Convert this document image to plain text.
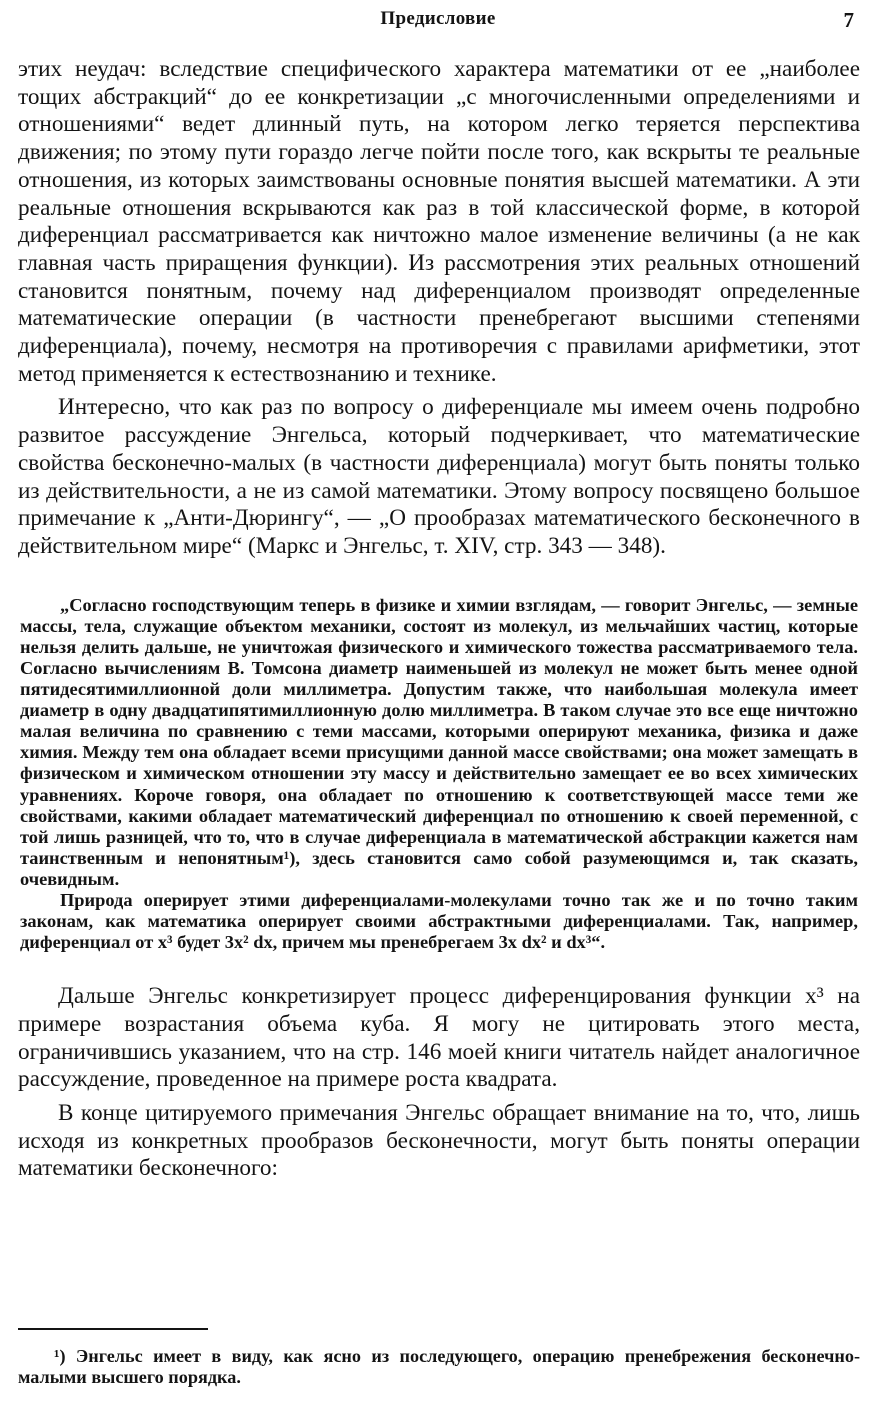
Предисловие	7

этих неудач: вследствие специфического характера математики от ее „наиболее тощих абстракций“ до ее конкретизации „с многочисленными определениями и отношениями“ ведет длинный путь, на котором легко теряется перспектива движения; по этому пути гораздо легче пойти после того, как вскрыты те реальные отношения, из которых заимствованы основные понятия высшей математики. А эти реальные отношения вскрываются как раз в той классической форме, в которой диференциал рассматривается как ничтожно малое изменение величины (а не как главная часть приращения функции). Из рассмотрения этих реальных отношений становится понятным, почему над диференциалом производят определенные математические операции (в частности пренебрегают высшими степенями диференциала), почему, несмотря на противоречия с правилами арифметики, этот метод применяется к естествознанию и технике.

Интересно, что как раз по вопросу о диференциале мы имеем очень подробно развитое рассуждение Энгельса, который подчеркивает, что математические свойства бесконечно-малых (в частности диференциала) могут быть поняты только из действительности, а не из самой математики. Этому вопросу посвящено большое примечание к „Анти-Дюрингу“, — „О прообразах математического бесконечного в действительном мире“ (Маркс и Энгельс, т. XIV, стр. 343 — 348).

„Согласно господствующим теперь в физике и химии взглядам, — говорит Энгельс, — земные массы, тела, служащие объектом механики, состоят из молекул, из мельчайших частиц, которые нельзя делить дальше, не уничтожая физического и химического тожества рассматриваемого тела. Согласно вычислениям В. Томсона диаметр наименьшей из молекул не может быть менее одной пятидесятимиллионной доли миллиметра. Допустим также, что наибольшая молекула имеет диаметр в одну двадцатипятимиллионную долю миллиметра. В таком случае это все еще ничтожно малая величина по сравнению с теми массами, которыми оперируют механика, физика и даже химия. Между тем она обладает всеми присущими данной массе свойствами; она может замещать в физическом и химическом отношении эту массу и действительно замещает ее во всех химических уравнениях. Короче говоря, она обладает по отношению к соответствующей массе теми же свойствами, какими обладает математический диференциал по отношению к своей переменной, с той лишь разницей, что то, что в случае диференциала в математической абстракции кажется нам таинственным и непонятным¹), здесь становится само собой разумеющимся и, так сказать, очевидным.

Природа оперирует этими диференциалами-молекулами точно так же и по точно таким законам, как математика оперирует своими абстрактными диференциалами. Так, например, диференциал от x³ будет 3x² dx, причем мы пренебрегаем 3x dx² и dx³“.

Дальше Энгельс конкретизирует процесс диференцирования функции x³ на примере возрастания объема куба. Я могу не цитировать этого места, ограничившись указанием, что на стр. 146 моей книги читатель найдет аналогичное рассуждение, проведенное на примере роста квадрата.

В конце цитируемого примечания Энгельс обращает внимание на то, что, лишь исходя из конкретных прообразов бесконечности, могут быть поняты операции математики бесконечного:

¹) Энгельс имеет в виду, как ясно из последующего, операцию пренебрежения бесконечно-малыми высшего порядка.
